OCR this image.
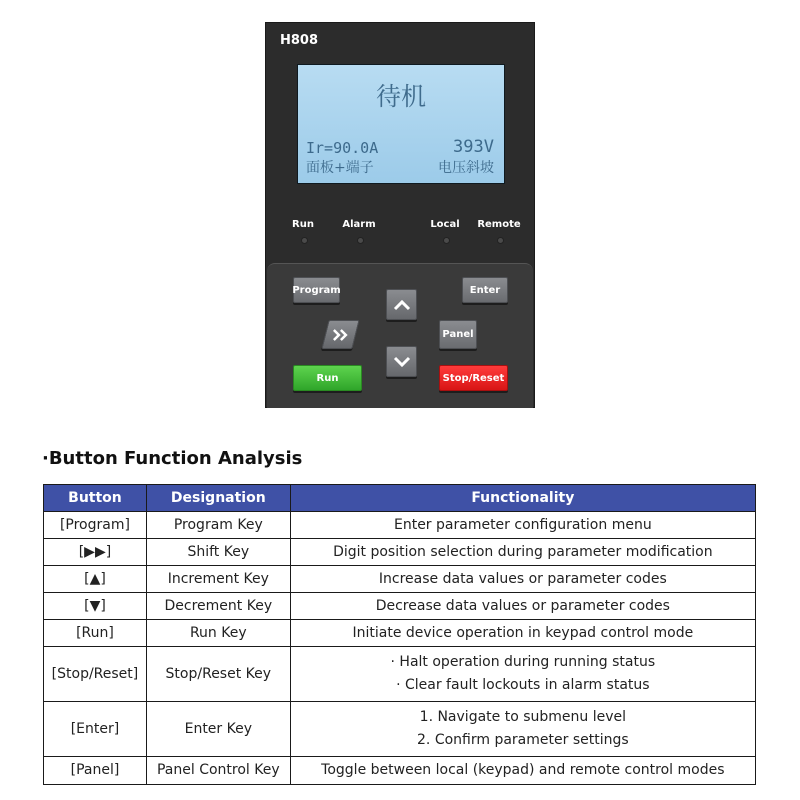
H808
待机
Ir=90.0A	393V
面板+端子	电压斜坡
Run	Alarm	Local	Remote
Program	Enter
Panel
Run	Stop/Reset
·Button Function Analysis
Button	Designation	Functionality
[Program]	Program Key	Enter parameter configuration menu

[▶▶]	Shift Key	Digit position selection during parameter modification

[▲]	Increment Key	Increase data values or parameter codes

[▼]	Decrement Key	Decrease data values or parameter codes

[Run]	Run Key	Initiate device operation in keypad control mode

[Stop/Reset]	Stop/Reset Key	· Halt operation during running status
· Clear fault lockouts in alarm status

[Enter]	Enter Key	1. Navigate to submenu level
2. Confirm parameter settings

[Panel]	Panel Control Key	Toggle between local (keypad) and remote control modes
